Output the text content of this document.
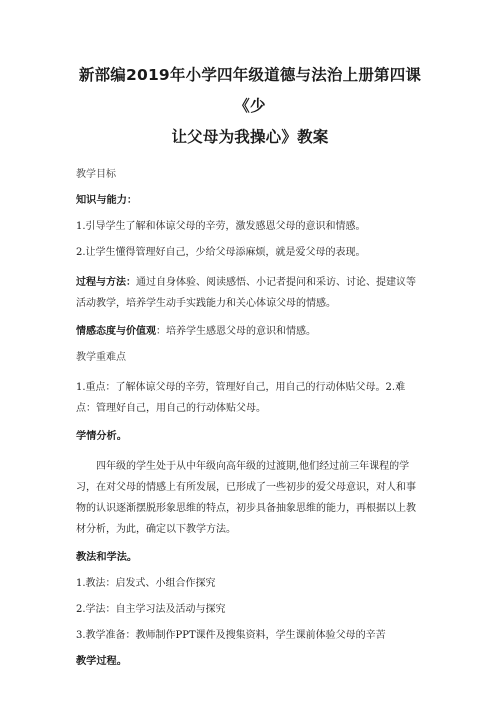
新部编2019年小学四年级道德与法治上册第四课《少
让父母为我操心》教案

教学目标

知识与能力：

1.引导学生了解和体谅父母的辛劳，激发感恩父母的意识和情感。

2.让学生懂得管理好自己，少给父母添麻烦，就是爱父母的表现。

过程与方法：通过自身体验、阅读感悟、小记者提问和采访、讨论、提建议等活动教学，培养学生动手实践能力和关心体谅父母的情感。

情感态度与价值观：培养学生感恩父母的意识和情感。

教学重难点

1.重点：了解体谅父母的辛劳，管理好自己，用自己的行动体贴父母。2.难点：管理好自己，用自己的行动体贴父母。

学情分析。

四年级的学生处于从中年级向高年级的过渡期,他们经过前三年课程的学习，在对父母的情感上有所发展，已形成了一些初步的爱父母意识，对人和事物的认识逐渐摆脱形象思维的特点，初步具备抽象思维的能力，再根据以上教材分析，为此，确定以下教学方法。

教法和学法。

1.教法：启发式、小组合作探究

2.学法：自主学习法及活动与探究

3.教学准备：教师制作PPT课件及搜集资料，学生课前体验父母的辛苦

教学过程。
